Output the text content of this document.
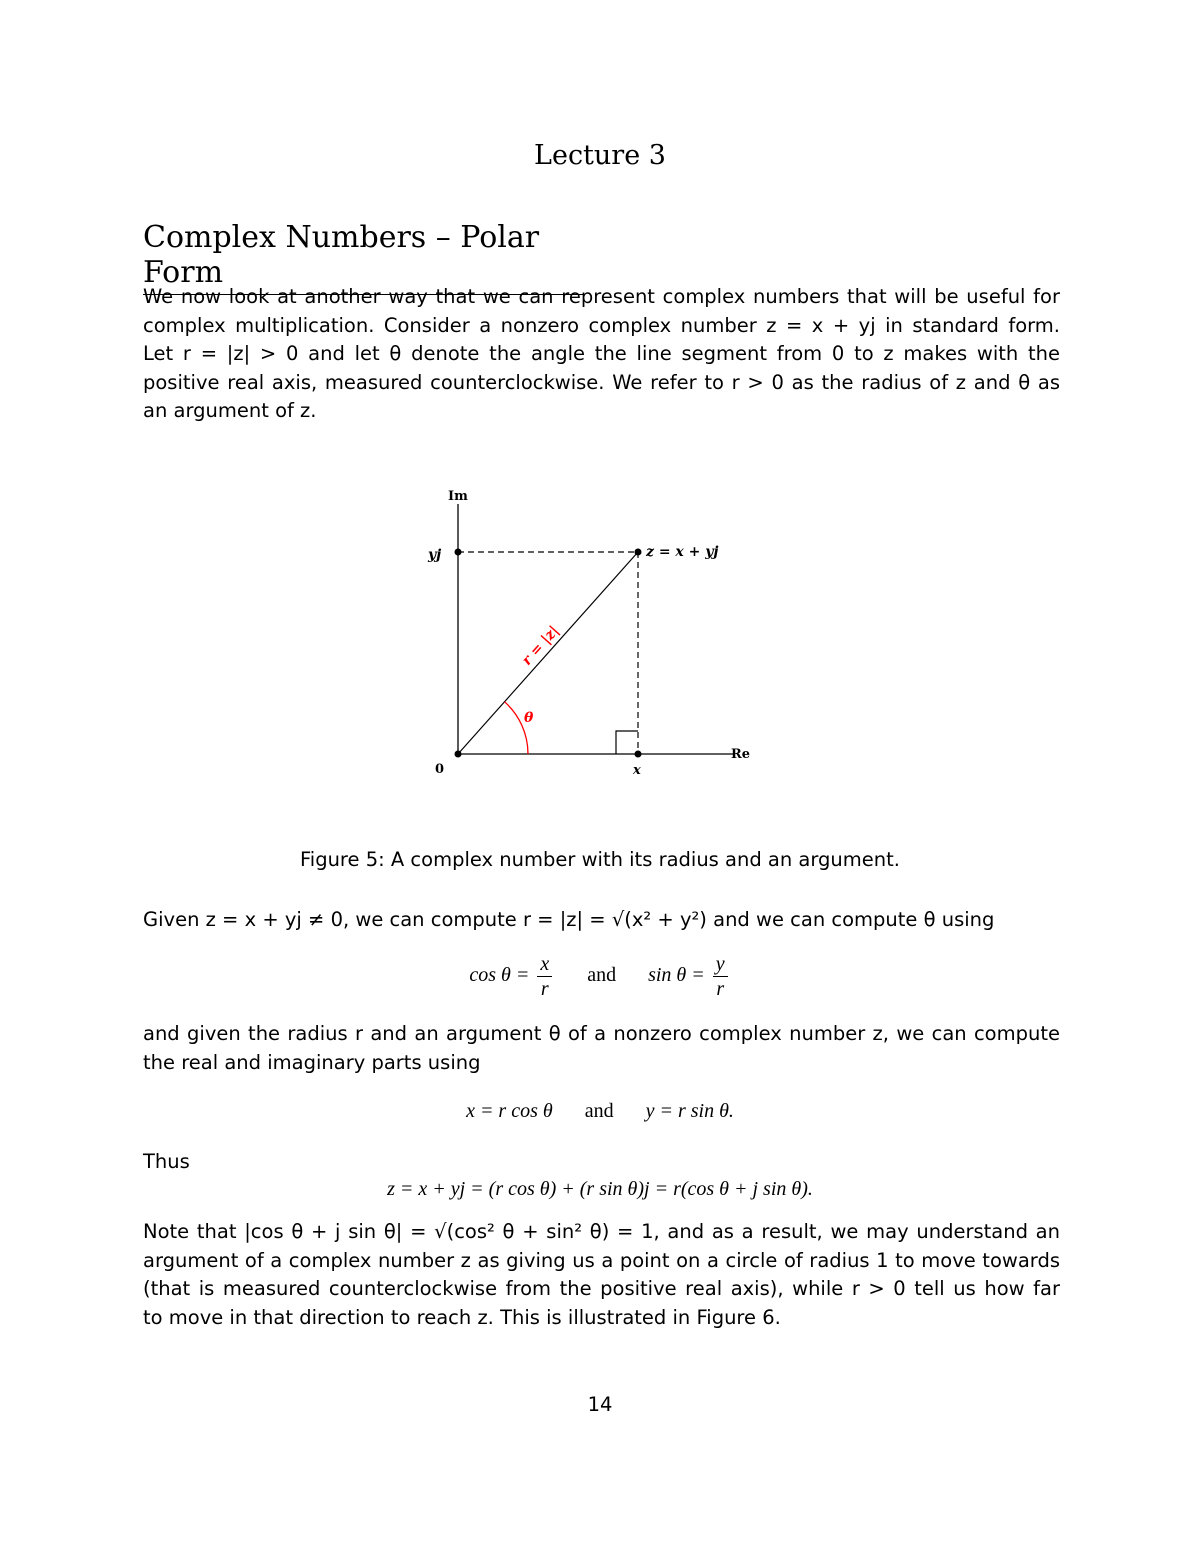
Lecture 3
Complex Numbers – Polar Form
We now look at another way that we can represent complex numbers that will be useful for
complex multiplication. Consider a nonzero complex number z = x + yj in standard form.
Let r = |z| > 0 and let θ denote the angle the line segment from 0 to z makes with the
positive real axis, measured counterclockwise. We refer to r > 0 as the radius of z and θ as
an argument of z.
Im
Re
yj	z = x + yj
0	x
θ
r = |z|
Figure 5: A complex number with its radius and an argument.
Given z = x + yj ≠ 0, we can compute r = |z| = √(x² + y²) and we can compute θ using
$\cos \theta = \frac{x}{r}$ and $\sin \theta = \frac{y}{r}$
and given the radius r and an argument θ of a nonzero complex number z, we can compute
the real and imaginary parts using
x = r cos θ and y = r sin θ.
Thus
z = x + yj = (r cos θ) + (r sin θ)j = r(cos θ + j sin θ).
Note that |cos θ + j sin θ| = √(cos² θ + sin² θ) = 1, and as a result, we may understand an
argument of a complex number z as giving us a point on a circle of radius 1 to move towards
(that is measured counterclockwise from the positive real axis), while r > 0 tell us how far
to move in that direction to reach z. This is illustrated in Figure 6.
14
